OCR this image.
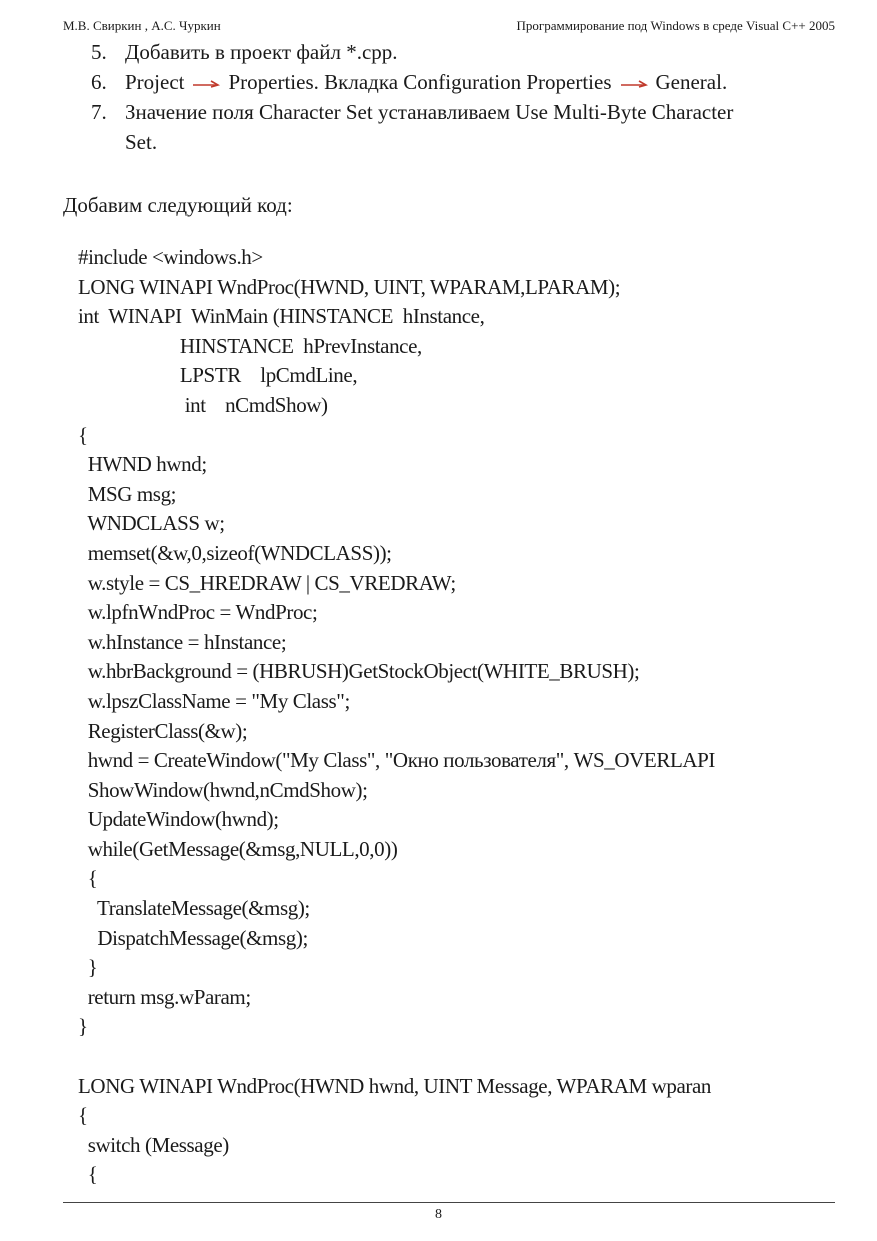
М.В. Свиркин , А.С. Чуркин	Программирование под Windows в среде Visual C++ 2005
5. Добавить в проект файл *.cpp.
6. Project Properties. Вкладка Configuration Properties General.
7. Значение поля Character Set устанавливаем Use Multi-Byte Character
Set.
Добавим следующий код:
#include <windows.h>
LONG WINAPI WndProc(HWND, UINT, WPARAM,LPARAM);
int  WINAPI  WinMain (HINSTANCE  hInstance,
HINSTANCE  hPrevInstance,
LPSTR    lpCmdLine,
int    nCmdShow)
{
HWND hwnd;
MSG msg;
WNDCLASS w;
memset(&w,0,sizeof(WNDCLASS));
w.style = CS_HREDRAW | CS_VREDRAW;
w.lpfnWndProc = WndProc;
w.hInstance = hInstance;
w.hbrBackground = (HBRUSH)GetStockObject(WHITE_BRUSH);
w.lpszClassName = "My Class";
RegisterClass(&w);
hwnd = CreateWindow("My Class", "Окно пользователя", WS_OVERLAPI
ShowWindow(hwnd,nCmdShow);
UpdateWindow(hwnd);
while(GetMessage(&msg,NULL,0,0))
{
TranslateMessage(&msg);
DispatchMessage(&msg);
}
return msg.wParam;
}
LONG WINAPI WndProc(HWND hwnd, UINT Message, WPARAM wparan
{
switch (Message)
{
8
